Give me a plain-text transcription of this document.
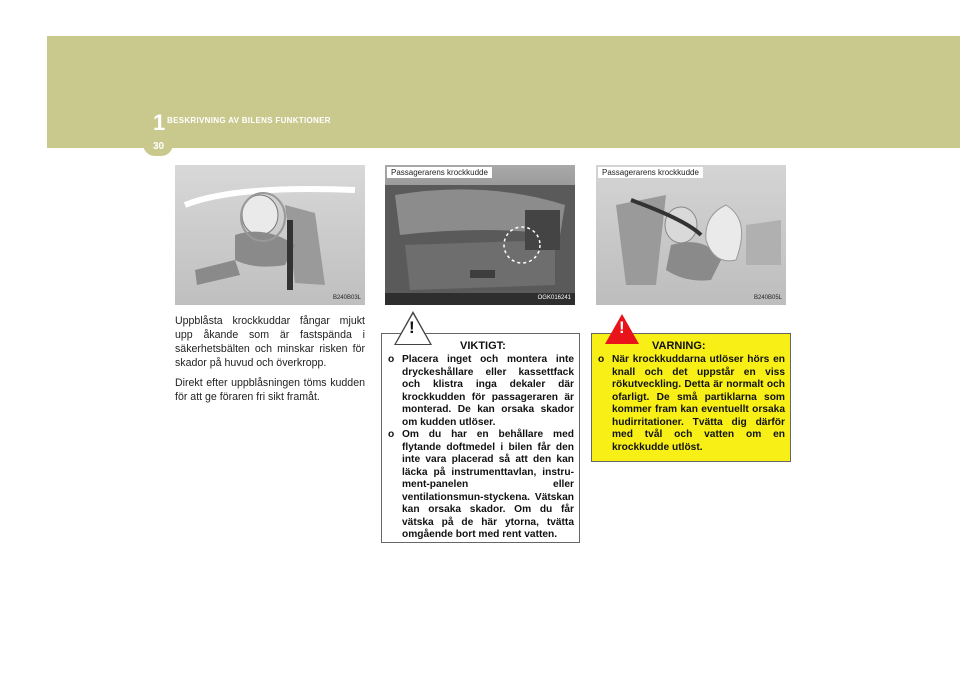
1 BESKRIVNING AV BILENS FUNKTIONER
30
B240B03L
Passagerarens krockkudde
OGK016241
Passagerarens krockkudde
B240B05L
Uppblåsta krockkuddar fångar mjukt upp åkande som är fastspända i säkerhetsbälten och minskar risken för skador på huvud och överkropp.
Direkt efter uppblåsningen töms kudden för att ge föraren fri sikt framåt.
!
VIKTIGT:
o Placera inget och montera inte dryckeshållare eller kassettfack och klistra inga dekaler där krockkudden för passageraren är monterad. De kan orsaka skador om kudden utlöser.
o Om du har en behållare med flytande doftmedel i bilen får den inte vara placerad så att den kan läcka på instrumenttavlan, instru-ment-panelen eller ventilationsmun-styckena. Vätskan kan orsaka skador. Om du får vätska på de här ytorna, tvätta omgående bort med rent vatten.
!
VARNING:
o När krockkuddarna utlöser hörs en knall och det uppstår en viss rökutveckling. Detta är normalt och ofarligt. De små partiklarna som kommer fram kan eventuellt orsaka hudirritationer. Tvätta dig därför med tvål och vatten om en krockkudde utlöst.
